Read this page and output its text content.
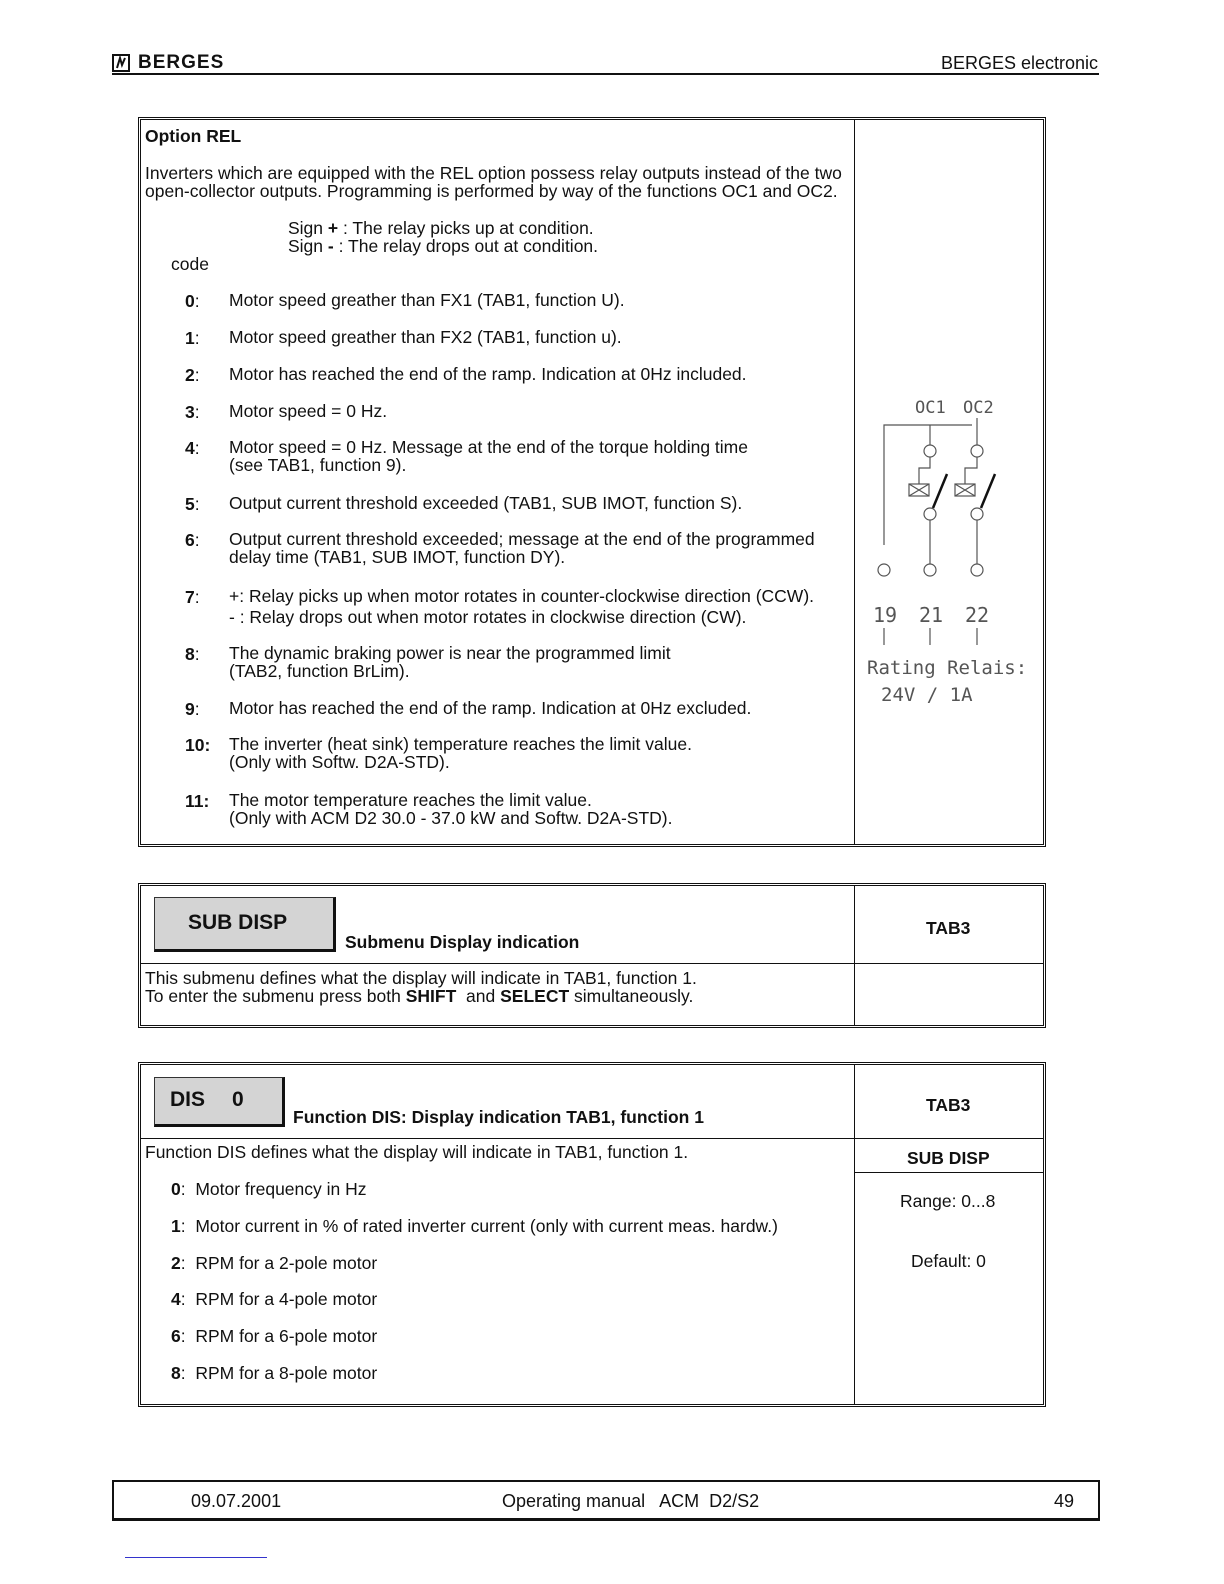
BERGES	BERGES electronic
Option REL
Inverters which are equipped with the REL option possess relay outputs instead of the two
open-collector outputs. Programming is performed by way of the functions OC1 and OC2.
Sign + : The relay picks up at condition.
Sign - : The relay drops out at condition.
code
0: Motor speed greather than FX1 (TAB1, function U).
1: Motor speed greather than FX2 (TAB1, function u).
2: Motor has reached the end of the ramp. Indication at 0Hz included.
3: Motor speed = 0 Hz.
4: Motor speed = 0 Hz. Message at the end of the torque holding time
(see TAB1, function 9).
5: Output current threshold exceeded (TAB1, SUB IMOT, function S).
6: Output current threshold exceeded; message at the end of the programmed
delay time (TAB1, SUB IMOT, function DY).
7: +: Relay picks up when motor rotates in counter-clockwise direction (CCW).
- : Relay drops out when motor rotates in clockwise direction (CW).
8: The dynamic braking power is near the programmed limit
(TAB2, function BrLim).
9: Motor has reached the end of the ramp. Indication at 0Hz excluded.
10: The inverter (heat sink) temperature reaches the limit value.
(Only with Softw. D2A-STD).
11: The motor temperature reaches the limit value.
(Only with ACM D2 30.0 - 37.0 kW and Softw. D2A-STD).
OC1 OC2
19 21 22
Rating Relais:
24V / 1A
SUB DISP
Submenu Display indication
TAB3
This submenu defines what the display will indicate in TAB1, function 1.
To enter the submenu press both SHIFT and SELECT simultaneously.
DIS 0
Function DIS: Display indication TAB1, function 1
TAB3
SUB DISP
Range: 0...8
Default: 0
Function DIS defines what the display will indicate in TAB1, function 1.
0:  Motor frequency in Hz
1:  Motor current in % of rated inverter current (only with current meas. hardw.)
2:  RPM for a 2-pole motor
4:  RPM for a 4-pole motor
6:  RPM for a 6-pole motor
8:  RPM for a 8-pole motor
09.07.2001	Operating manual   ACM  D2/S2	49
